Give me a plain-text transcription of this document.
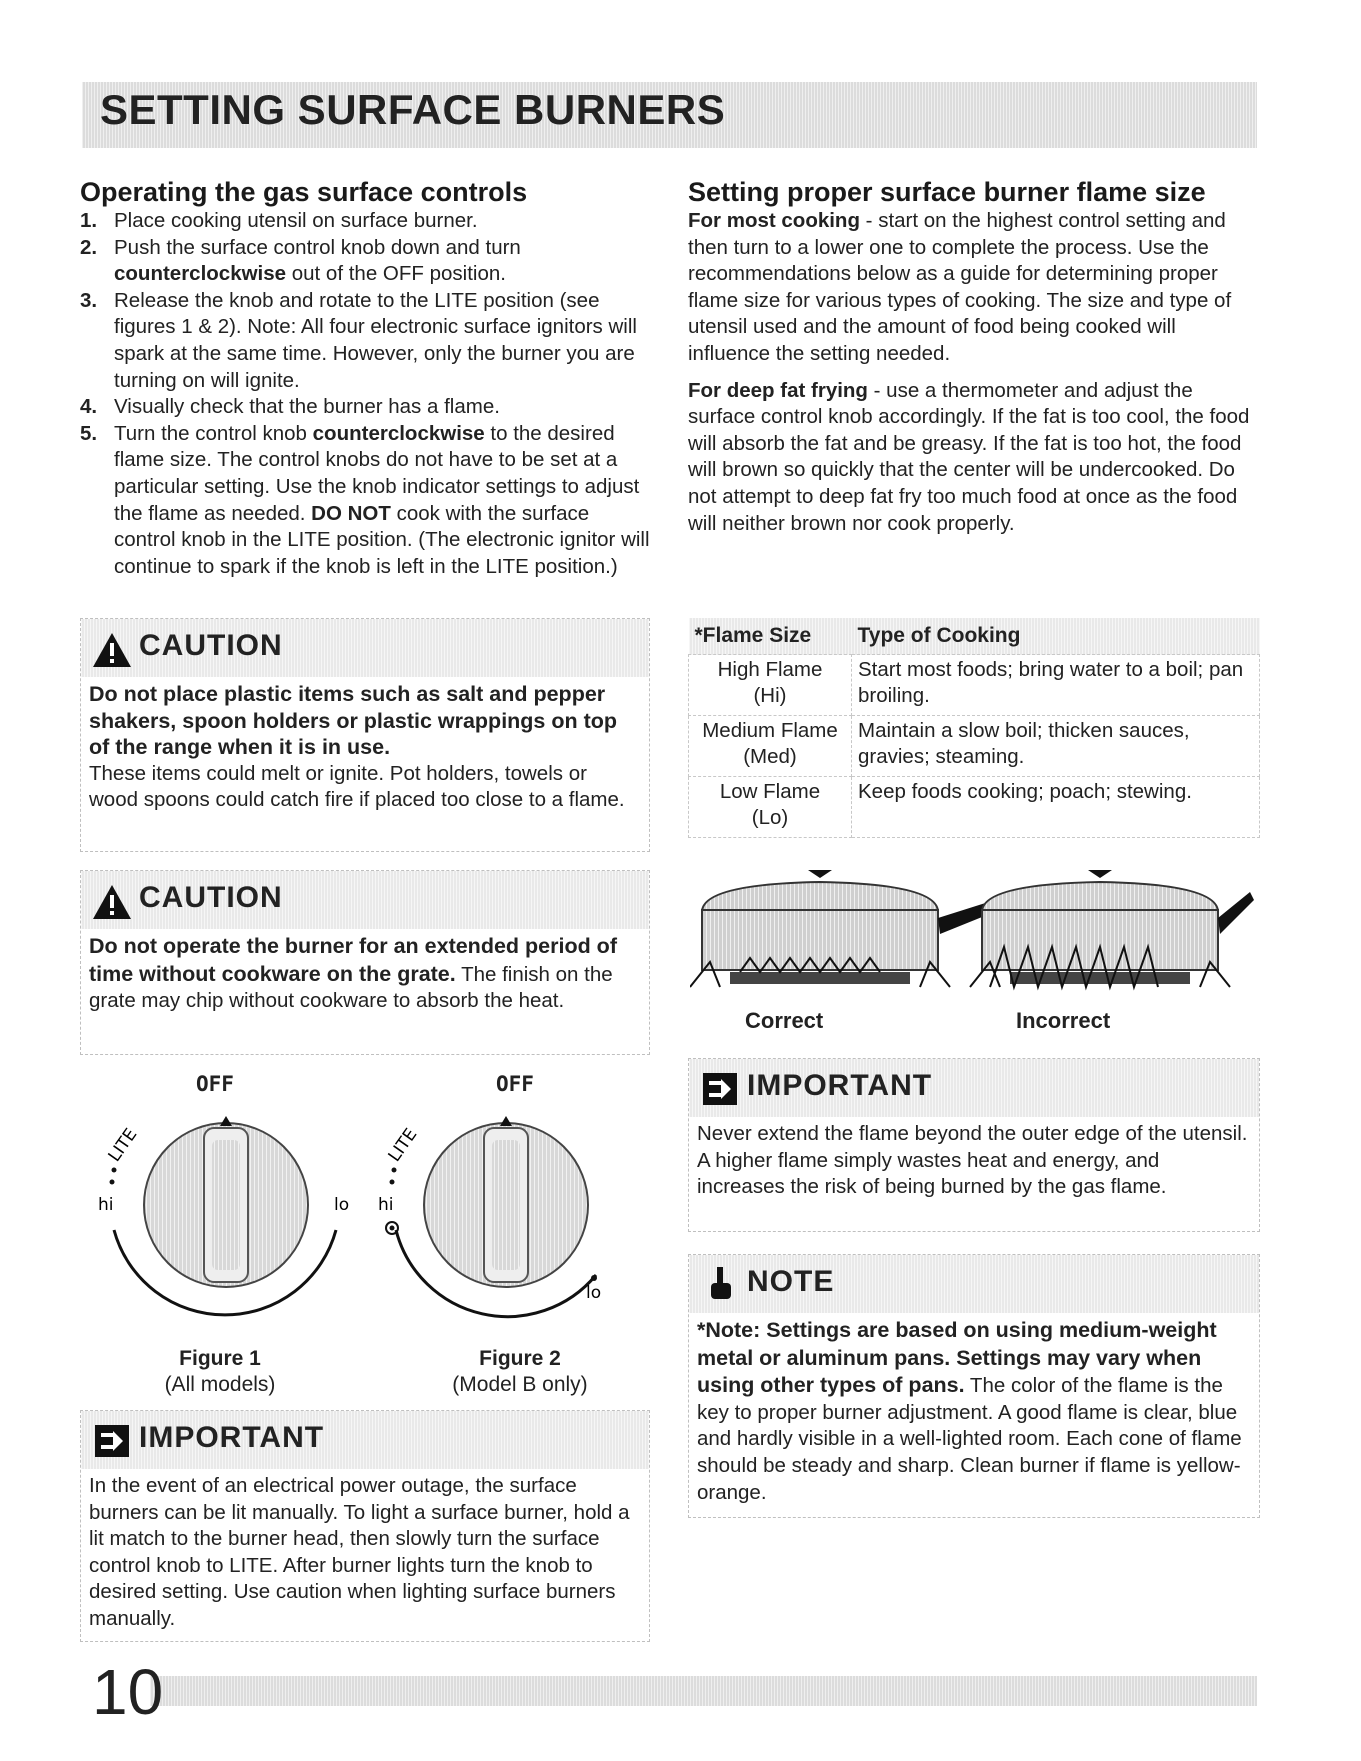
SETTING SURFACE BURNERS
Operating the gas surface controls
1. Place cooking utensil on surface burner.
2. Push the surface control knob down and turn counterclockwise out of the OFF position.
3. Release the knob and rotate to the LITE position (see figures 1 & 2). Note: All four electronic surface ignitors will spark at the same time. However, only the burner you are turning on will ignite.
4. Visually check that the burner has a flame.
5. Turn the control knob counterclockwise to the desired flame size. The control knobs do not have to be set at a particular setting. Use the knob indicator settings to adjust the flame as needed. DO NOT cook with the surface control knob in the LITE position. (The electronic ignitor will continue to spark if the knob is left in the LITE position.)
CAUTION
Do not place plastic items such as salt and pepper shakers, spoon holders or plastic wrappings on top of the range when it is in use.
These items could melt or ignite. Pot holders, towels or wood spoons could catch fire if placed too close to a flame.
CAUTION
Do not operate the burner for an extended period of time without cookware on the grate. The finish on the grate may chip without cookware to absorb the heat.
OFF	OFF
hi	lo
LITE
hi
lo
LITE
Figure 1
(All models)
Figure 2
(Model B only)
IMPORTANT
In the event of an electrical power outage, the surface burners can be lit manually. To light a surface burner, hold a lit match to the burner head, then slowly turn the surface control knob to LITE. After burner lights turn the knob to desired setting. Use caution when lighting surface burners manually.
Setting proper surface burner flame size

For most cooking - start on the highest control setting and then turn to a lower one to complete the process. Use the recommendations below as a guide for determining proper flame size for various types of cooking. The size and type of utensil used and the amount of food being cooked will influence the setting needed.

For deep fat frying - use a thermometer and adjust the surface control knob accordingly. If the fat is too cool, the food will absorb the fat and be greasy. If the fat is too hot, the food will brown so quickly that the center will be undercooked. Do not attempt to deep fat fry too much food at once as the food will neither brown nor cook properly.

*Flame Size	Type of Cooking

High Flame
(Hi)	Start most foods; bring water to a boil; pan broiling.

Medium Flame
(Med)	Maintain a slow boil; thicken sauces, gravies; steaming.

Low Flame
(Lo)	Keep foods cooking; poach; stewing.
Correct	Incorrect
IMPORTANT
Never extend the flame beyond the outer edge of the utensil. A higher flame simply wastes heat and energy, and increases the risk of being burned by the gas flame.
NOTE
*Note: Settings are based on using medium-weight metal or aluminum pans. Settings may vary when using other types of pans. The color of the flame is the key to proper burner adjustment. A good flame is clear, blue and hardly visible in a well-lighted room. Each cone of flame should be steady and sharp. Clean burner if flame is yellow-orange.
10
